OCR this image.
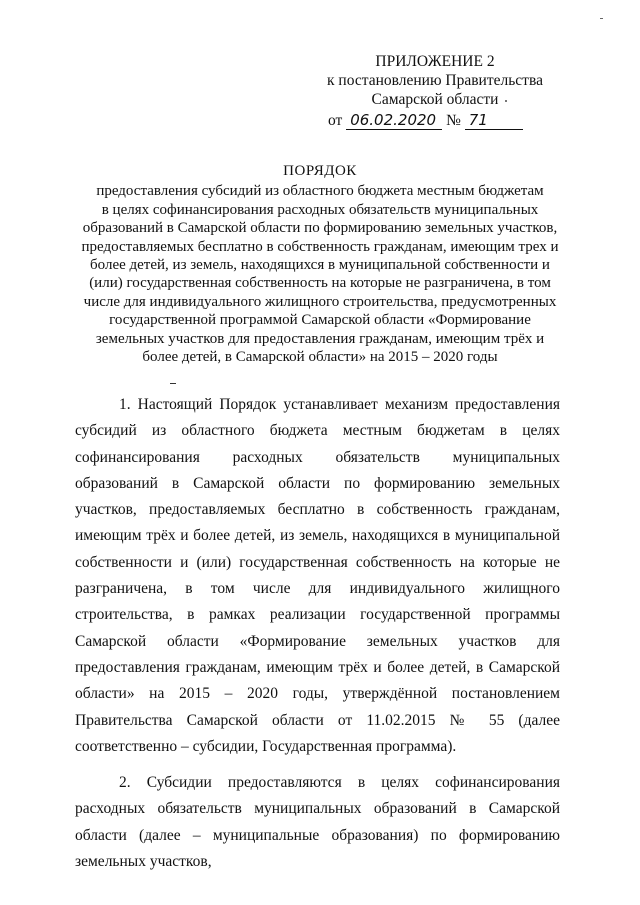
ПРИЛОЖЕНИЕ 2
к постановлению Правительства
Самарской области
от 06.02.2020 № 71
ПОРЯДОК
предоставления субсидий из областного бюджета местным бюджетам
в целях софинансирования расходных обязательств муниципальных
образований в Самарской области по формированию земельных участков,
предоставляемых бесплатно в собственность гражданам, имеющим трех и
более детей, из земель, находящихся в муниципальной собственности и
(или) государственная собственность на которые не разграничена, в том
числе для индивидуального жилищного строительства, предусмотренных
государственной программой Самарской области «Формирование
земельных участков для предоставления гражданам, имеющим трёх и
более детей, в Самарской области» на 2015 – 2020 годы

1. Настоящий Порядок устанавливает механизм предоставления субсидий из областного бюджета местным бюджетам в целях софинансирования расходных обязательств муниципальных образований в Самарской области по формированию земельных участков, предоставляемых бесплатно в собственность гражданам, имеющим трёх и более детей, из земель, находящихся в муниципальной собственности и (или) государственная собственность на которые не разграничена, в том числе для индивидуального жилищного строительства, в рамках реализации государственной программы Самарской области «Формирование земельных участков для предоставления гражданам, имеющим трёх и более детей, в Самарской области» на 2015 – 2020 годы, утверждённой постановлением Правительства Самарской области от 11.02.2015 № 55 (далее соответственно – субсидии, Государственная программа).

2. Субсидии предоставляются в целях софинансирования расходных обязательств муниципальных образований в Самарской области (далее – муниципальные образования) по формированию земельных участков,
